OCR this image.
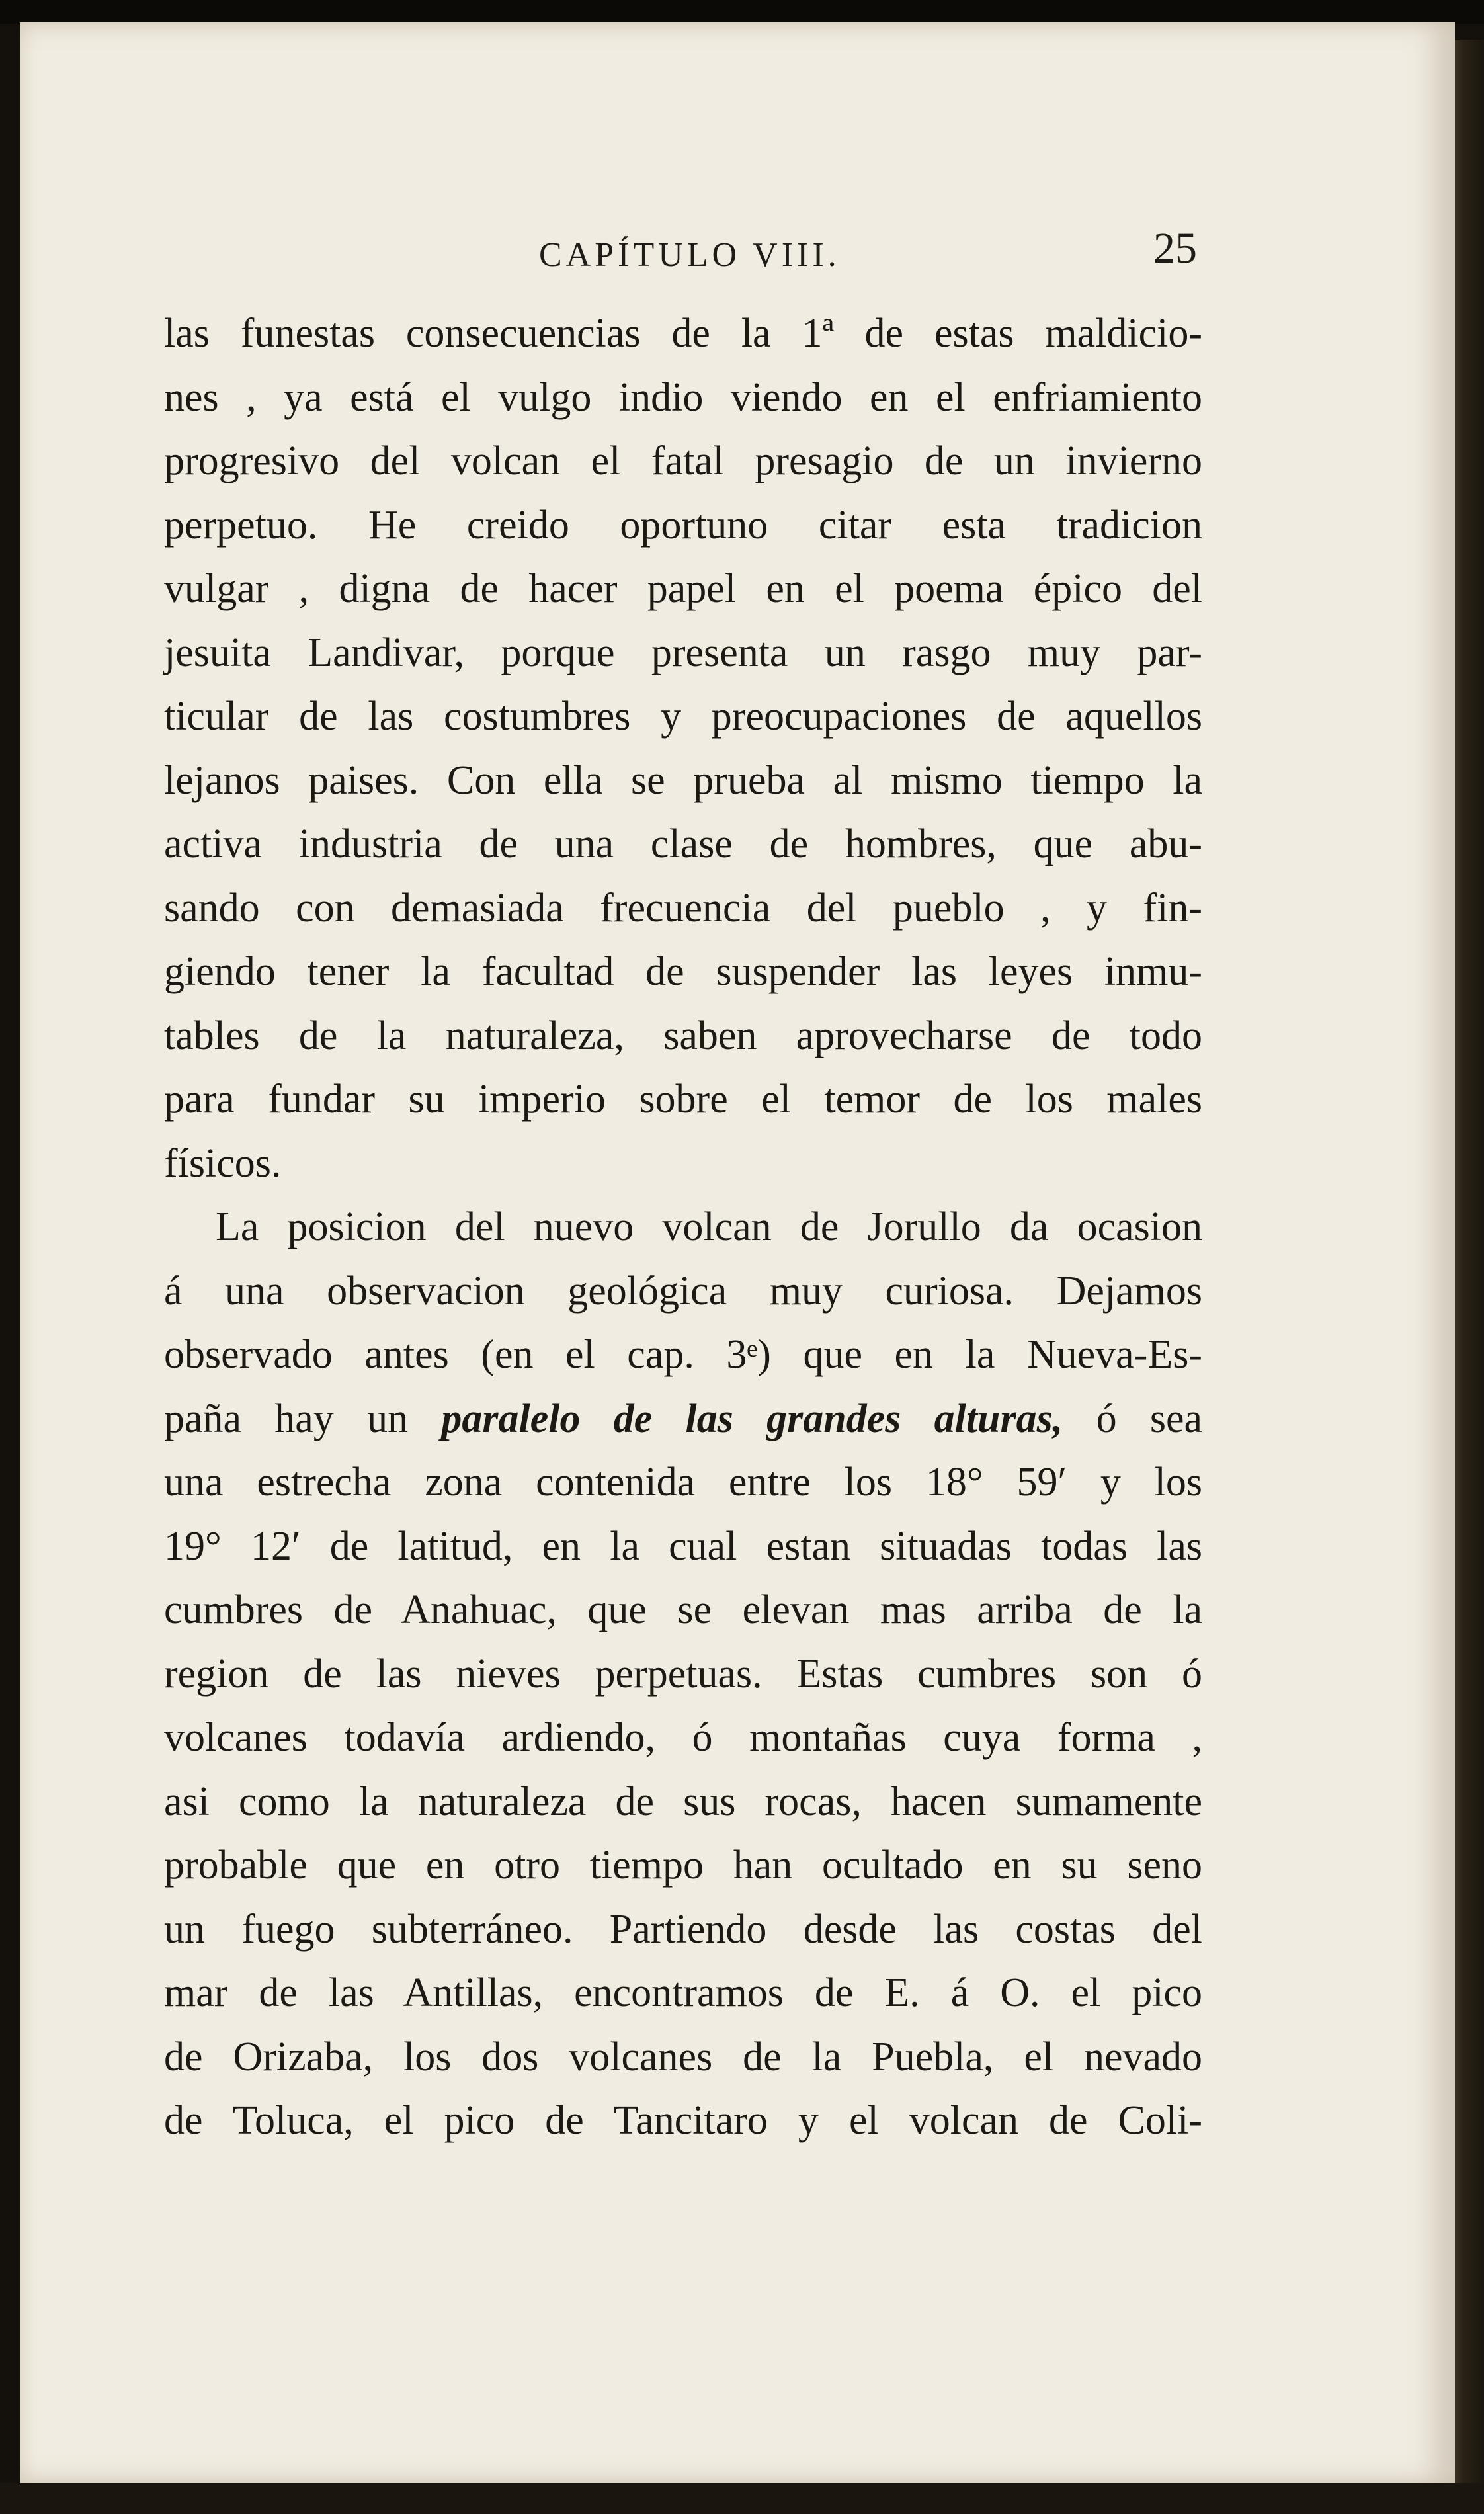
CAPÍTULO VIII.	25
las funestas consecuencias de la 1ª de estas maldicio-
nes , ya está el vulgo indio viendo en el enfriamiento
progresivo del volcan el fatal presagio de un invierno
perpetuo. He creido oportuno citar esta tradicion
vulgar , digna de hacer papel en el poema épico del
jesuita Landivar, porque presenta un rasgo muy par-
ticular de las costumbres y preocupaciones de aquellos
lejanos paises. Con ella se prueba al mismo tiempo la
activa industria de una clase de hombres, que abu-
sando con demasiada frecuencia del pueblo , y fin-
giendo tener la facultad de suspender las leyes inmu-
tables de la naturaleza, saben aprovecharse de todo
para fundar su imperio sobre el temor de los males
físicos.
La posicion del nuevo volcan de Jorullo da ocasion
á una observacion geológica muy curiosa. Dejamos
observado antes (en el cap. 3ᵉ) que en la Nueva-Es-
paña hay un paralelo de las grandes alturas, ó sea
una estrecha zona contenida entre los 18° 59′ y los
19° 12′ de latitud, en la cual estan situadas todas las
cumbres de Anahuac, que se elevan mas arriba de la
region de las nieves perpetuas. Estas cumbres son ó
volcanes todavía ardiendo, ó montañas cuya forma ,
asi como la naturaleza de sus rocas, hacen sumamente
probable que en otro tiempo han ocultado en su seno
un fuego subterráneo. Partiendo desde las costas del
mar de las Antillas, encontramos de E. á O. el pico
de Orizaba, los dos volcanes de la Puebla, el nevado
de Toluca, el pico de Tancitaro y el volcan de Coli-
